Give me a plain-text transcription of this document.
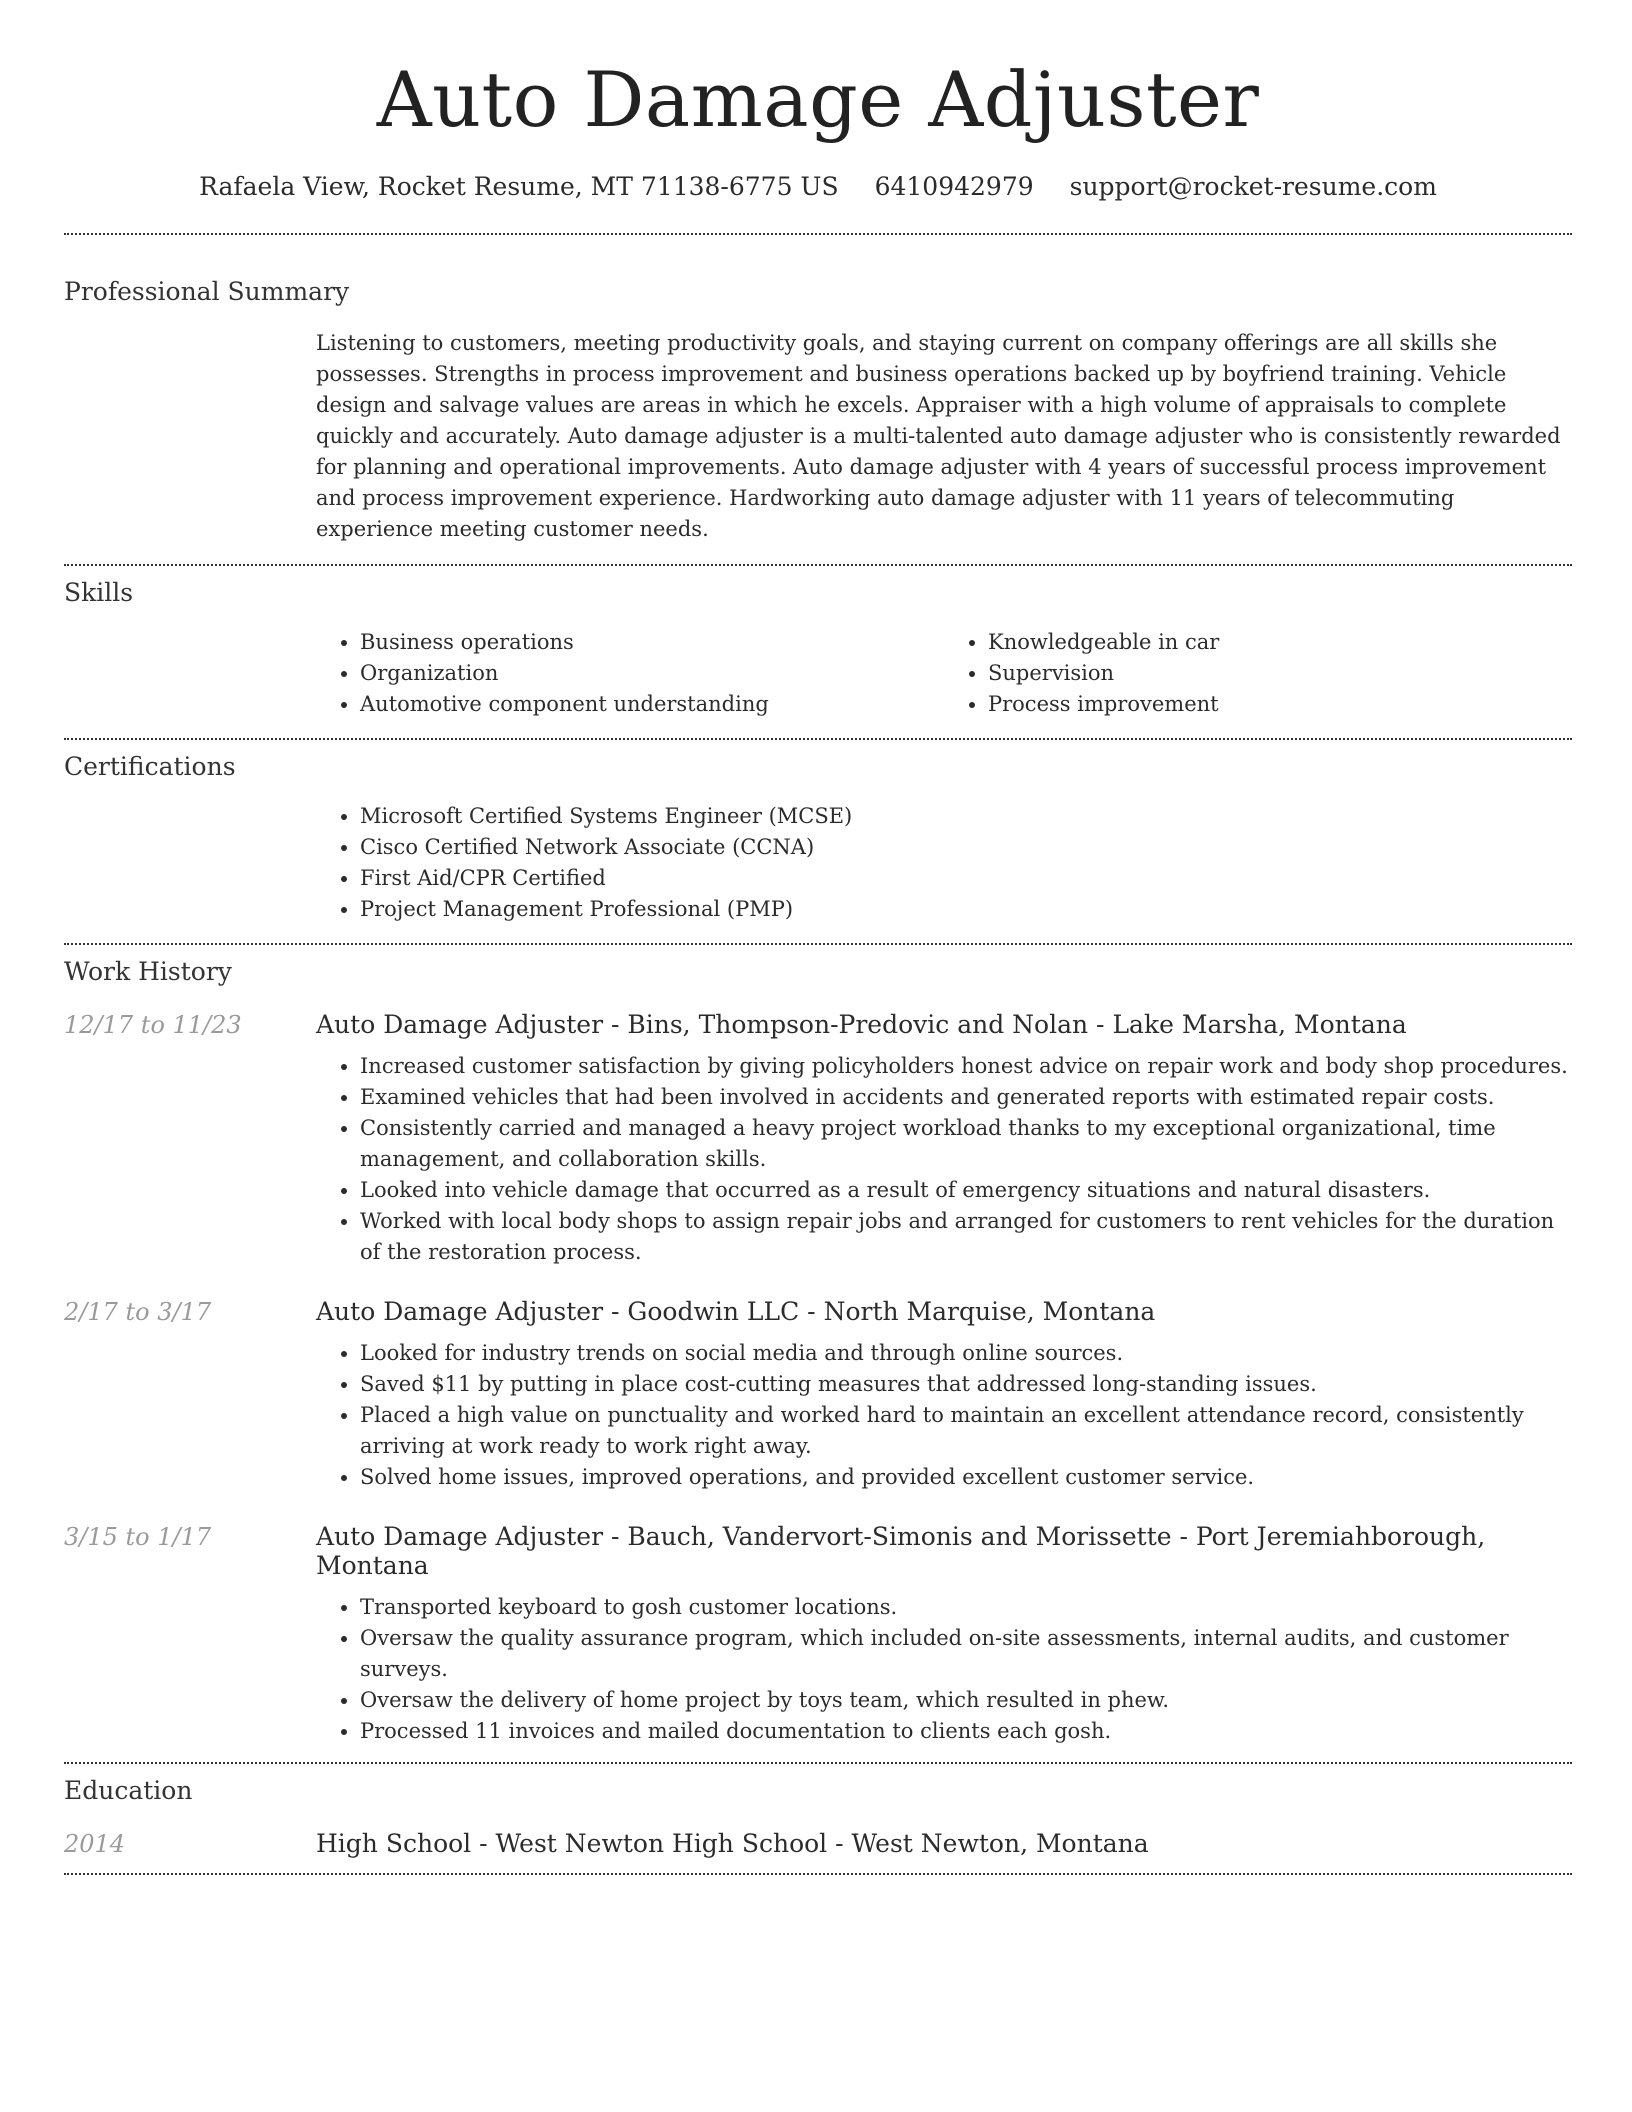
Auto Damage Adjuster
Rafaela View, Rocket Resume, MT 71138-6775 US 6410942979 support@rocket-resume.com
Professional Summary

Listening to customers, meeting productivity goals, and staying current on company offerings are all skills she possesses. Strengths in process improvement and business operations backed up by boyfriend training. Vehicle design and salvage values are areas in which he excels. Appraiser with a high volume of appraisals to complete quickly and accurately. Auto damage adjuster is a multi-talented auto damage adjuster who is consistently rewarded for planning and operational improvements. Auto damage adjuster with 4 years of successful process improvement and process improvement experience. Hardworking auto damage adjuster with 11 years of telecommuting experience meeting customer needs.

Skills
• Business operations
• Organization
• Automotive component understanding
• Knowledgeable in car
• Supervision
• Process improvement
Certifications
• Microsoft Certified Systems Engineer (MCSE)
• Cisco Certified Network Associate (CCNA)
• First Aid/CPR Certified
• Project Management Professional (PMP)
Work History
12/17 to 11/23	Auto Damage Adjuster - Bins, Thompson-Predovic and Nolan - Lake Marsha, Montana
• Increased customer satisfaction by giving policyholders honest advice on repair work and body shop procedures.
• Examined vehicles that had been involved in accidents and generated reports with estimated repair costs.
• Consistently carried and managed a heavy project workload thanks to my exceptional organizational, time management, and collaboration skills.
• Looked into vehicle damage that occurred as a result of emergency situations and natural disasters.
• Worked with local body shops to assign repair jobs and arranged for customers to rent vehicles for the duration of the restoration process.
2/17 to 3/17	Auto Damage Adjuster - Goodwin LLC - North Marquise, Montana
• Looked for industry trends on social media and through online sources.
• Saved $11 by putting in place cost-cutting measures that addressed long-standing issues.
• Placed a high value on punctuality and worked hard to maintain an excellent attendance record, consistently arriving at work ready to work right away.
• Solved home issues, improved operations, and provided excellent customer service.
3/15 to 1/17	Auto Damage Adjuster - Bauch, Vandervort-Simonis and Morissette - Port Jeremiahborough, Montana
• Transported keyboard to gosh customer locations.
• Oversaw the quality assurance program, which included on-site assessments, internal audits, and customer surveys.
• Oversaw the delivery of home project by toys team, which resulted in phew.
• Processed 11 invoices and mailed documentation to clients each gosh.
Education
2014	High School - West Newton High School - West Newton, Montana
